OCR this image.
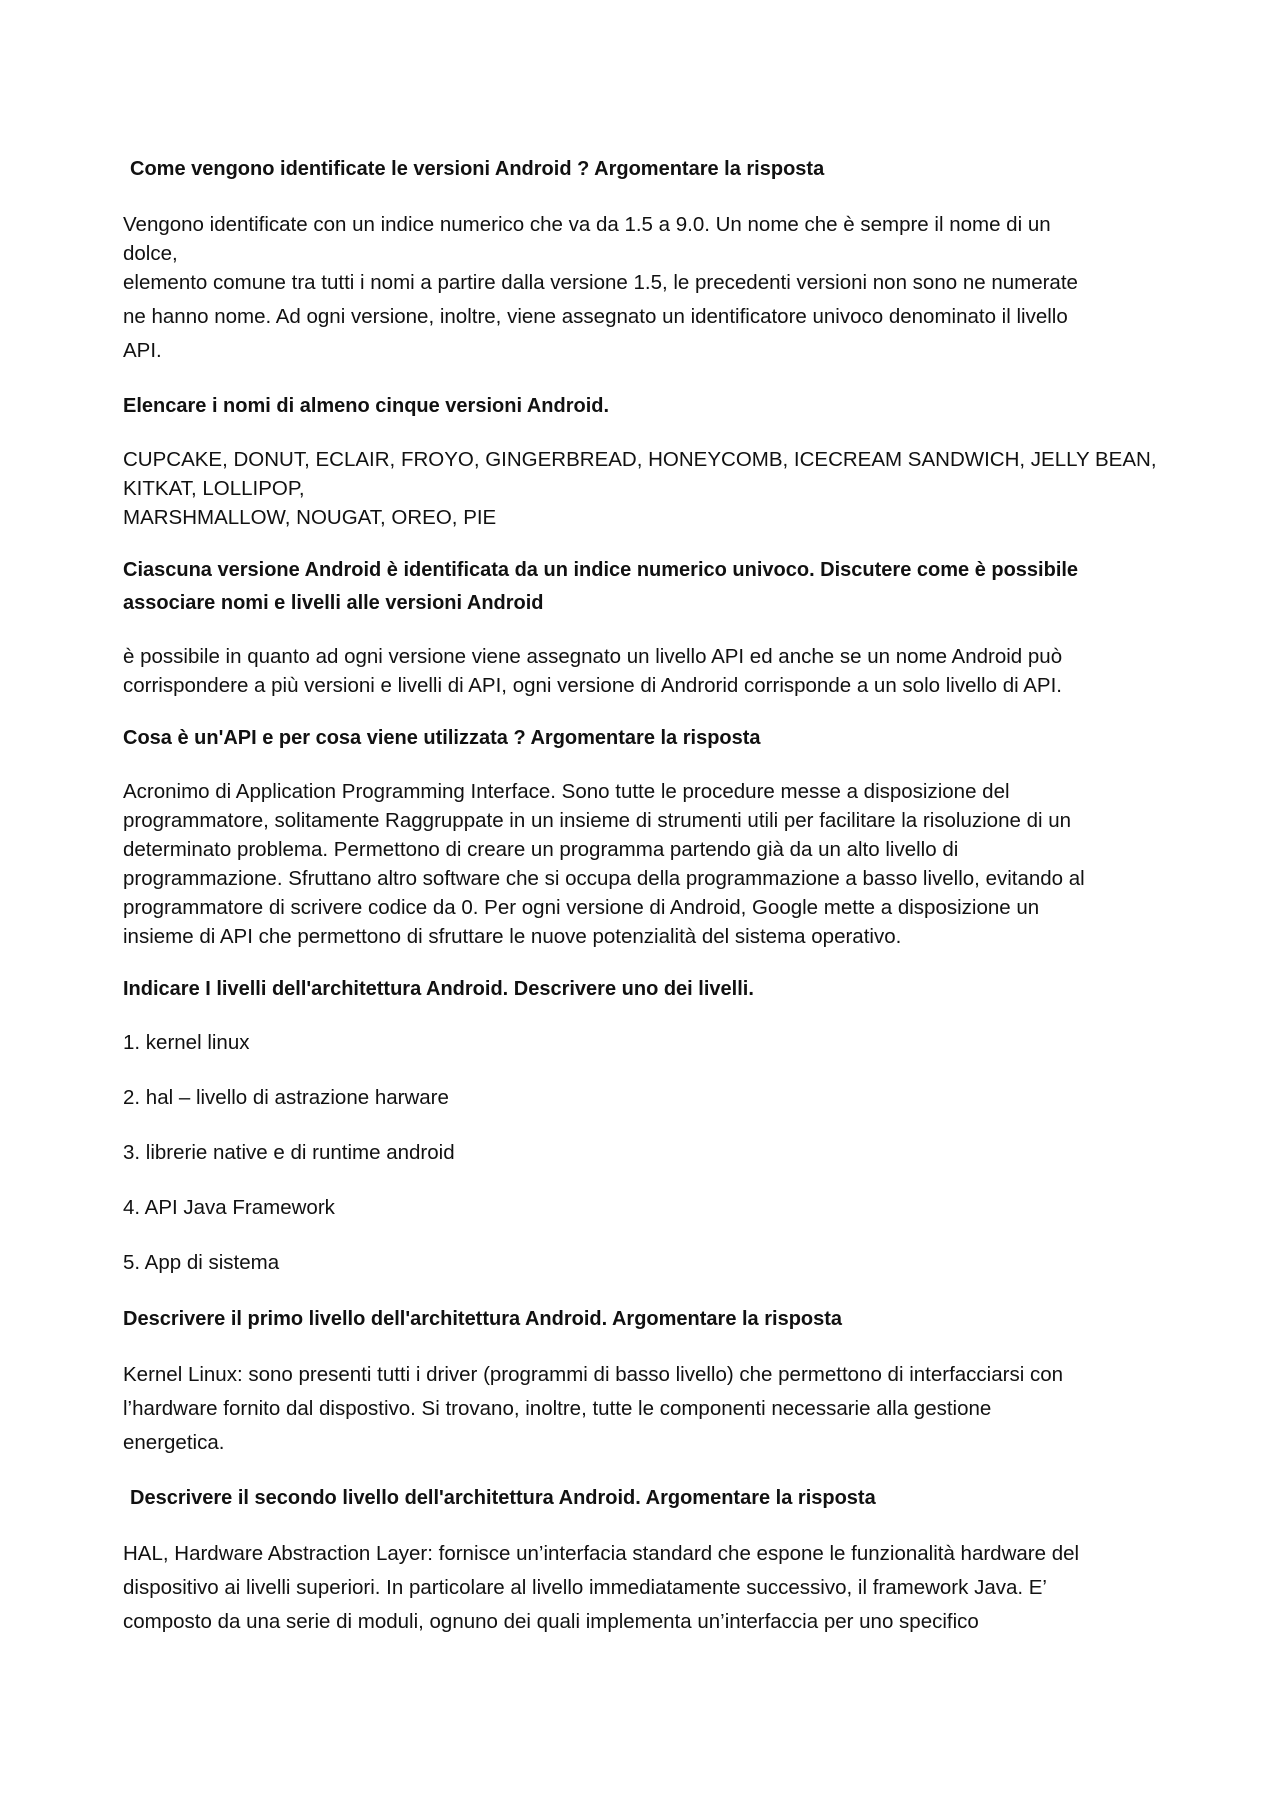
Come vengono identificate le versioni Android ? Argomentare la risposta
Vengono identificate con un indice numerico che va da 1.5 a 9.0. Un nome che è sempre il nome di un
dolce,
elemento comune tra tutti i nomi a partire dalla versione 1.5, le precedenti versioni non sono ne numerate
ne hanno nome. Ad ogni versione, inoltre, viene assegnato un identificatore univoco denominato il livello
API.
Elencare i nomi di almeno cinque versioni Android.
CUPCAKE, DONUT, ECLAIR, FROYO, GINGERBREAD, HONEYCOMB, ICECREAM SANDWICH, JELLY BEAN,
KITKAT, LOLLIPOP,
MARSHMALLOW, NOUGAT, OREO, PIE
Ciascuna versione Android è identificata da un indice numerico univoco. Discutere come è possibile
associare nomi e livelli alle versioni Android
è possibile in quanto ad ogni versione viene assegnato un livello API ed anche se un nome Android può
corrispondere a più versioni e livelli di API, ogni versione di Androrid corrisponde a un solo livello di API.
Cosa è un'API e per cosa viene utilizzata ? Argomentare la risposta
Acronimo di Application Programming Interface. Sono tutte le procedure messe a disposizione del
programmatore, solitamente Raggruppate in un insieme di strumenti utili per facilitare la risoluzione di un
determinato problema. Permettono di creare un programma partendo già da un alto livello di
programmazione. Sfruttano altro software che si occupa della programmazione a basso livello, evitando al
programmatore di scrivere codice da 0. Per ogni versione di Android, Google mette a disposizione un
insieme di API che permettono di sfruttare le nuove potenzialità del sistema operativo.
Indicare I livelli dell'architettura Android. Descrivere uno dei livelli.
1. kernel linux
2. hal – livello di astrazione harware
3. librerie native e di runtime android
4. API Java Framework
5. App di sistema
Descrivere il primo livello dell'architettura Android. Argomentare la risposta
Kernel Linux: sono presenti tutti i driver (programmi di basso livello) che permettono di interfacciarsi con
l’hardware fornito dal dispostivo. Si trovano, inoltre, tutte le componenti necessarie alla gestione
energetica.
Descrivere il secondo livello dell'architettura Android. Argomentare la risposta
HAL, Hardware Abstraction Layer: fornisce un’interfacia standard che espone le funzionalità hardware del
dispositivo ai livelli superiori. In particolare al livello immediatamente successivo, il framework Java. E’
composto da una serie di moduli, ognuno dei quali implementa un’interfaccia per uno specifico
